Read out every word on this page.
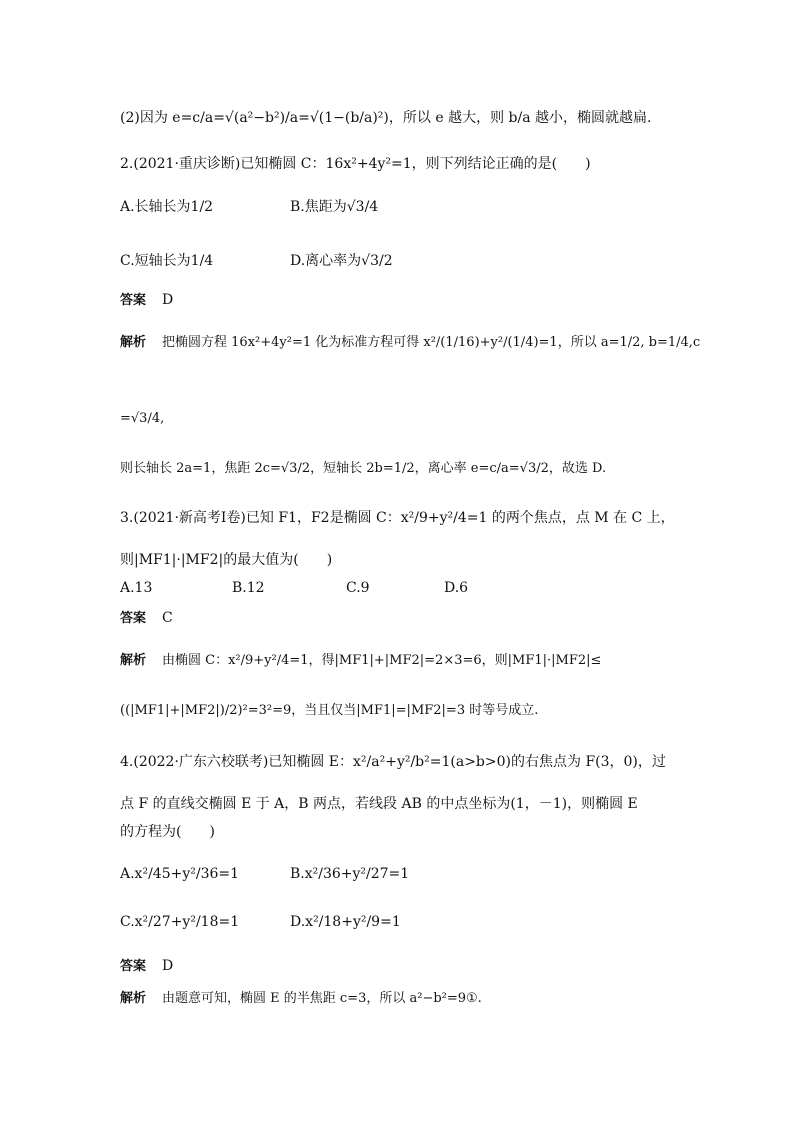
(2)因为 e=c/a=√(a²−b²)/a=√(1−(b/a)²)，所以 e 越大，则 b/a 越小，椭圆就越扁.
2.(2021·重庆诊断)已知椭圆 C：16x²+4y²=1，则下列结论正确的是(　　)
A.长轴长为1/2	B.焦距为√3/4
C.短轴长为1/4	D.离心率为√3/2
答案 D
解析 把椭圆方程 16x²+4y²=1 化为标准方程可得 x²/(1/16)+y²/(1/4)=1，所以 a=1/2, b=1/4,c
=√3/4,
则长轴长 2a=1，焦距 2c=√3/2，短轴长 2b=1/2，离心率 e=c/a=√3/2，故选 D.
3.(2021·新高考Ⅰ卷)已知 F1，F2是椭圆 C：x²/9+y²/4=1 的两个焦点，点 M 在 C 上，
则|MF1|·|MF2|的最大值为(　　)
A.13	B.12	C.9	D.6
答案 C
解析 由椭圆 C：x²/9+y²/4=1，得|MF1|+|MF2|=2×3=6，则|MF1|·|MF2|≤
((|MF1|+|MF2|)/2)²=3²=9，当且仅当|MF1|=|MF2|=3 时等号成立.
4.(2022·广东六校联考)已知椭圆 E：x²/a²+y²/b²=1(a>b>0)的右焦点为 F(3，0)，过
点 F 的直线交椭圆 E 于 A，B 两点，若线段 AB 的中点坐标为(1，－1)，则椭圆 E
的方程为(　　)
A.x²/45+y²/36=1	B.x²/36+y²/27=1
C.x²/27+y²/18=1	D.x²/18+y²/9=1
答案 D
解析 由题意可知，椭圆 E 的半焦距 c=3，所以 a²−b²=9①.
